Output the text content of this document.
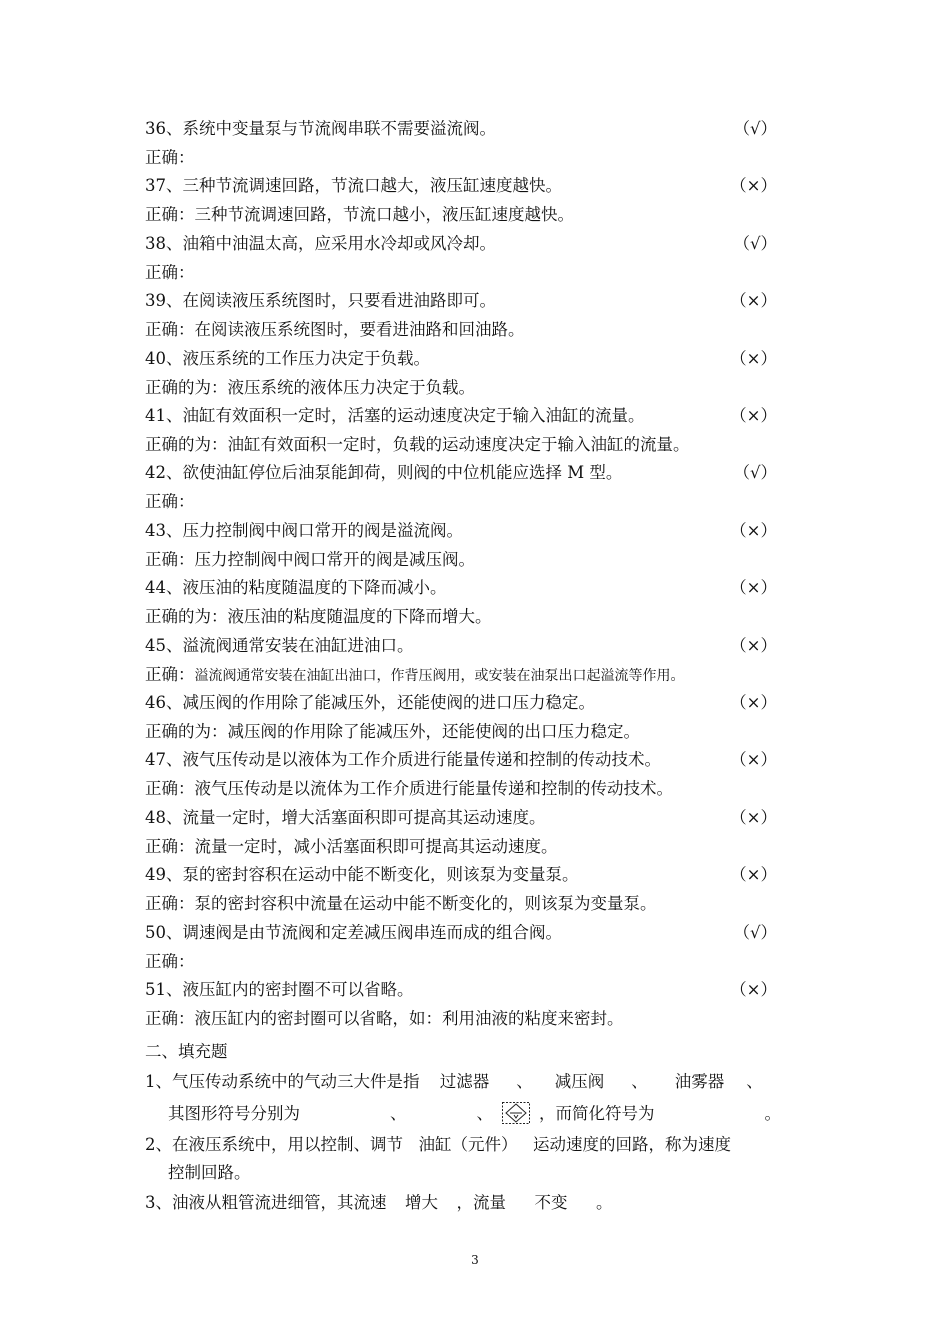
36、系统中变量泵与节流阀串联不需要溢流阀。	（√）
正确：
37、三种节流调速回路，节流口越大，液压缸速度越快。	（×）
正确：三种节流调速回路，节流口越小，液压缸速度越快。
38、油箱中油温太高，应采用水冷却或风冷却。	（√）
正确：
39、在阅读液压系统图时，只要看进油路即可。	（×）
正确：在阅读液压系统图时，要看进油路和回油路。
40、液压系统的工作压力决定于负载。	（×）
正确的为：液压系统的液体压力决定于负载。
41、油缸有效面积一定时，活塞的运动速度决定于输入油缸的流量。	（×）
正确的为：油缸有效面积一定时，负载的运动速度决定于输入油缸的流量。
42、欲使油缸停位后油泵能卸荷，则阀的中位机能应选择 M 型。	（√）
正确：
43、压力控制阀中阀口常开的阀是溢流阀。	（×）
正确：压力控制阀中阀口常开的阀是减压阀。
44、液压油的粘度随温度的下降而减小。	（×）
正确的为：液压油的粘度随温度的下降而增大。
45、溢流阀通常安装在油缸进油口。	（×）
正确：溢流阀通常安装在油缸出油口，作背压阀用，或安装在油泵出口起溢流等作用。
46、减压阀的作用除了能减压外，还能使阀的进口压力稳定。	（×）
正确的为：减压阀的作用除了能减压外，还能使阀的出口压力稳定。
47、液气压传动是以液体为工作介质进行能量传递和控制的传动技术。	（×）
正确：液气压传动是以流体为工作介质进行能量传递和控制的传动技术。
48、流量一定时，增大活塞面积即可提高其运动速度。	（×）
正确：流量一定时，减小活塞面积即可提高其运动速度。
49、泵的密封容积在运动中能不断变化，则该泵为变量泵。	（×）
正确：泵的密封容积中流量在运动中能不断变化的，则该泵为变量泵。
50、调速阀是由节流阀和定差减压阀串连而成的组合阀。	（√）
正确：
51、液压缸内的密封圈不可以省略。	（×）
正确：液压缸内的密封圈可以省略，如：利用油液的粘度来密封。
二、填充题
1、气压传动系统中的气动三大件是指 过滤器 、 减压阀 、 油雾器 、
其图形符号分别为	、	、	，而简化符号为	。
2、在液压系统中，用以控制、调节 油缸（元件） 运动速度的回路，称为速度
控制回路。
3、油液从粗管流进细管，其流速 增大 ，流量 不变 。
3
